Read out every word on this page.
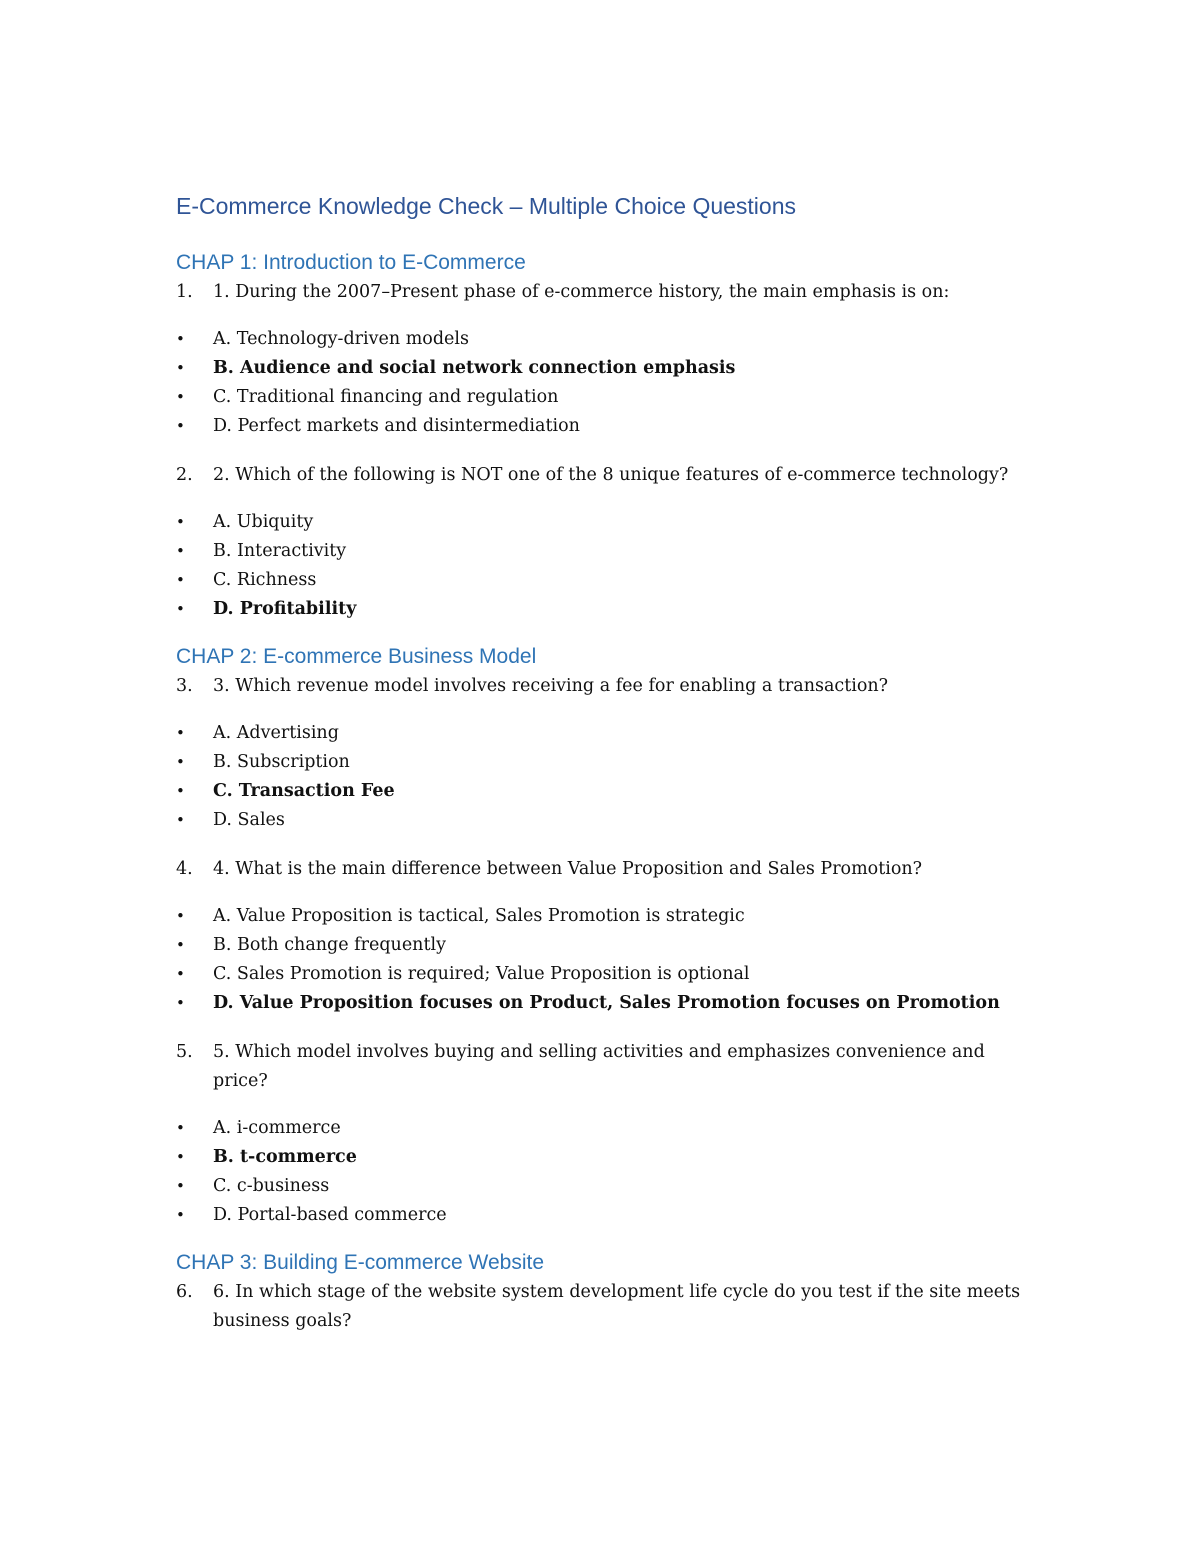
E-Commerce Knowledge Check – Multiple Choice Questions
CHAP 1: Introduction to E-Commerce
1.	1. During the 2007–Present phase of e-commerce history, the main emphasis is on:
•	A. Technology-driven models
•	B. Audience and social network connection emphasis
•	C. Traditional financing and regulation
•	D. Perfect markets and disintermediation
2.	2. Which of the following is NOT one of the 8 unique features of e-commerce technology?
•	A. Ubiquity
•	B. Interactivity
•	C. Richness
•	D. Profitability
CHAP 2: E-commerce Business Model
3.	3. Which revenue model involves receiving a fee for enabling a transaction?
•	A. Advertising
•	B. Subscription
•	C. Transaction Fee
•	D. Sales
4.	4. What is the main difference between Value Proposition and Sales Promotion?
•	A. Value Proposition is tactical, Sales Promotion is strategic
•	B. Both change frequently
•	C. Sales Promotion is required; Value Proposition is optional
•	D. Value Proposition focuses on Product, Sales Promotion focuses on Promotion
5.	5. Which model involves buying and selling activities and emphasizes convenience and price?
•	A. i-commerce
•	B. t-commerce
•	C. c-business
•	D. Portal-based commerce
CHAP 3: Building E-commerce Website
6.	6. In which stage of the website system development life cycle do you test if the site meets business goals?
